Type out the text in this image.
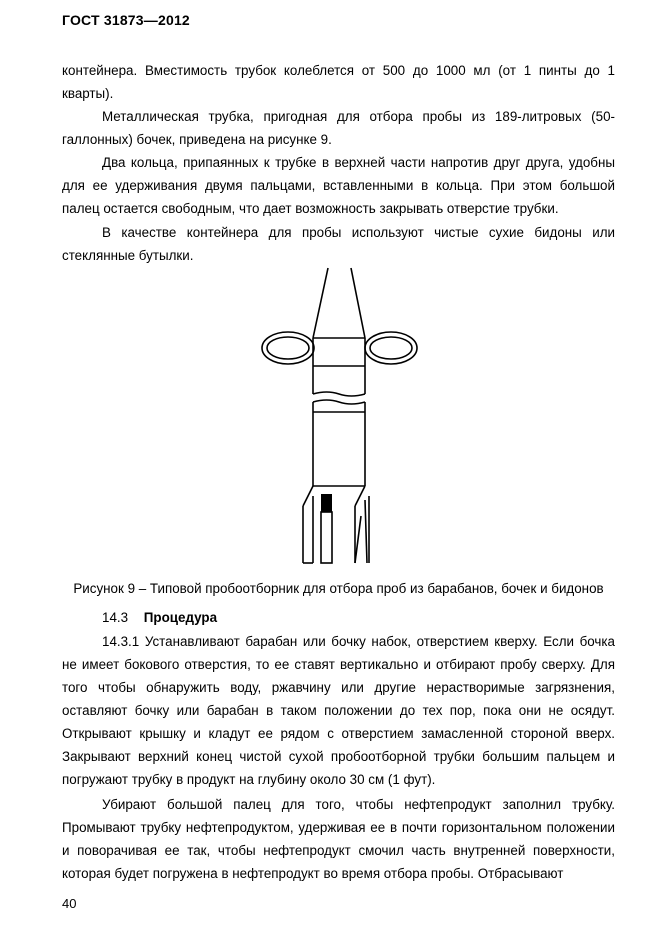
ГОСТ 31873—2012

контейнера. Вместимость трубок колеблется от 500 до 1000 мл (от 1 пинты до 1 кварты).

Металлическая трубка, пригодная для отбора пробы из 189-литровых (50-галлонных) бочек, приведена на рисунке 9.

Два кольца, припаянных к трубке в верхней части напротив друг друга, удобны для ее удерживания двумя пальцами, вставленными в кольца. При этом большой палец остается свободным, что дает возможность закрывать отверстие трубки.

В качестве контейнера для пробы используют чистые сухие бидоны или стеклянные бутылки.

Рисунок 9 – Типовой пробоотборник для отбора проб из барабанов, бочек и бидонов
14.3 Процедура

14.3.1 Устанавливают барабан или бочку набок, отверстием кверху. Если бочка не имеет бокового отверстия, то ее ставят вертикально и отбирают пробу сверху. Для того чтобы обнаружить воду, ржавчину или другие нерастворимые загрязнения, оставляют бочку или барабан в таком положении до тех пор, пока они не осядут. Открывают крышку и кладут ее рядом с отверстием замасленной стороной вверх. Закрывают верхний конец чистой сухой пробоотборной трубки большим пальцем и погружают трубку в продукт на глубину около 30 см (1 фут).

Убирают большой палец для того, чтобы нефтепродукт заполнил трубку. Промывают трубку нефтепродуктом, удерживая ее в почти горизонтальном положении и поворачивая ее так, чтобы нефтепродукт смочил часть внутренней поверхности, которая будет погружена в нефтепродукт во время отбора пробы. Отбрасывают

40
